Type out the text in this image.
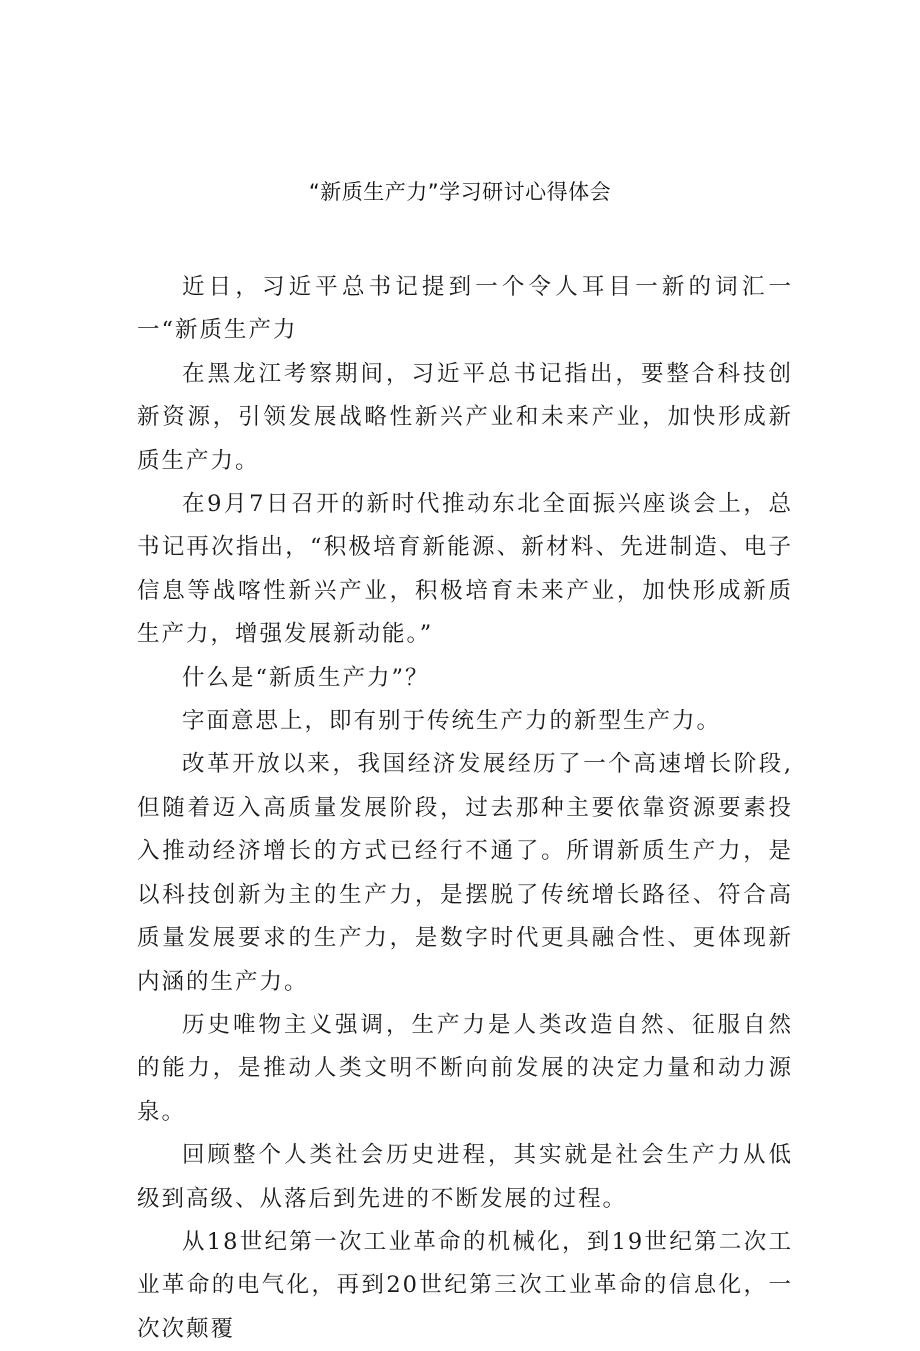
“新质生产力”学习研讨心得体会

近日，习近平总书记提到一个令人耳目一新的词汇一一“新质生产力

在黑龙江考察期间，习近平总书记指出，要整合科技创新资源，引领发展战略性新兴产业和未来产业，加快形成新质生产力。

在9月7日召开的新时代推动东北全面振兴座谈会上，总书记再次指出，“积极培育新能源、新材料、先进制造、电子信息等战喀性新兴产业，积极培育未来产业，加快形成新质生产力，增强发展新动能。”

什么是“新质生产力”？

字面意思上，即有别于传统生产力的新型生产力。

改革开放以来，我国经济发展经历了一个高速增长阶段,但随着迈入高质量发展阶段，过去那种主要依靠资源要素投入推动经济增长的方式已经行不通了。所谓新质生产力，是以科技创新为主的生产力，是摆脱了传统增长路径、符合高质量发展要求的生产力，是数字时代更具融合性、更体现新内涵的生产力。

历史唯物主义强调，生产力是人类改造自然、征服自然的能力，是推动人类文明不断向前发展的决定力量和动力源泉。

回顾整个人类社会历史进程，其实就是社会生产力从低级到高级、从落后到先进的不断发展的过程。

从18世纪第一次工业革命的机械化，到19世纪第二次工业革命的电气化，再到20世纪第三次工业革命的信息化，一次次颠覆
